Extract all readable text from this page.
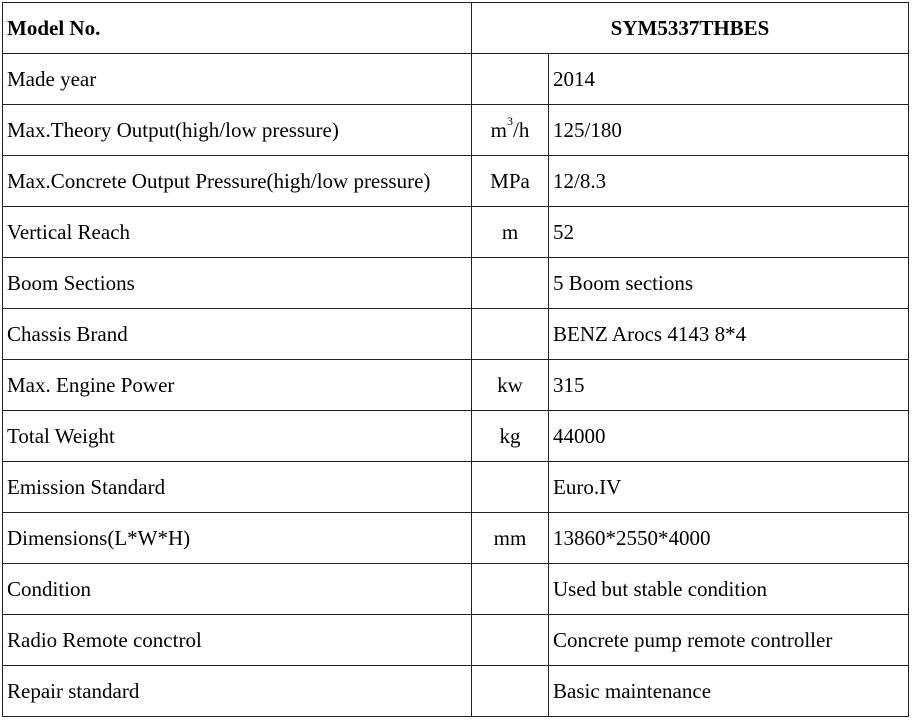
Model No.	SYM5337THBES	
Made year		2014
Max.Theory Output(high/low pressure)	$m^3/h$	125/180
Max.Concrete Output Pressure(high/low pressure)	MPa	12/8.3
Vertical Reach	m	52
Boom Sections		5 Boom sections
Chassis Brand		BENZ Arocs 4143 8*4
Max. Engine Power	kw	315
Total Weight	kg	44000
Emission Standard		Euro.IV
Dimensions(L*W*H)	mm	13860*2550*4000
Condition		Used but stable condition
Radio Remote conctrol		Concrete pump remote controller
Repair standard		Basic maintenance
